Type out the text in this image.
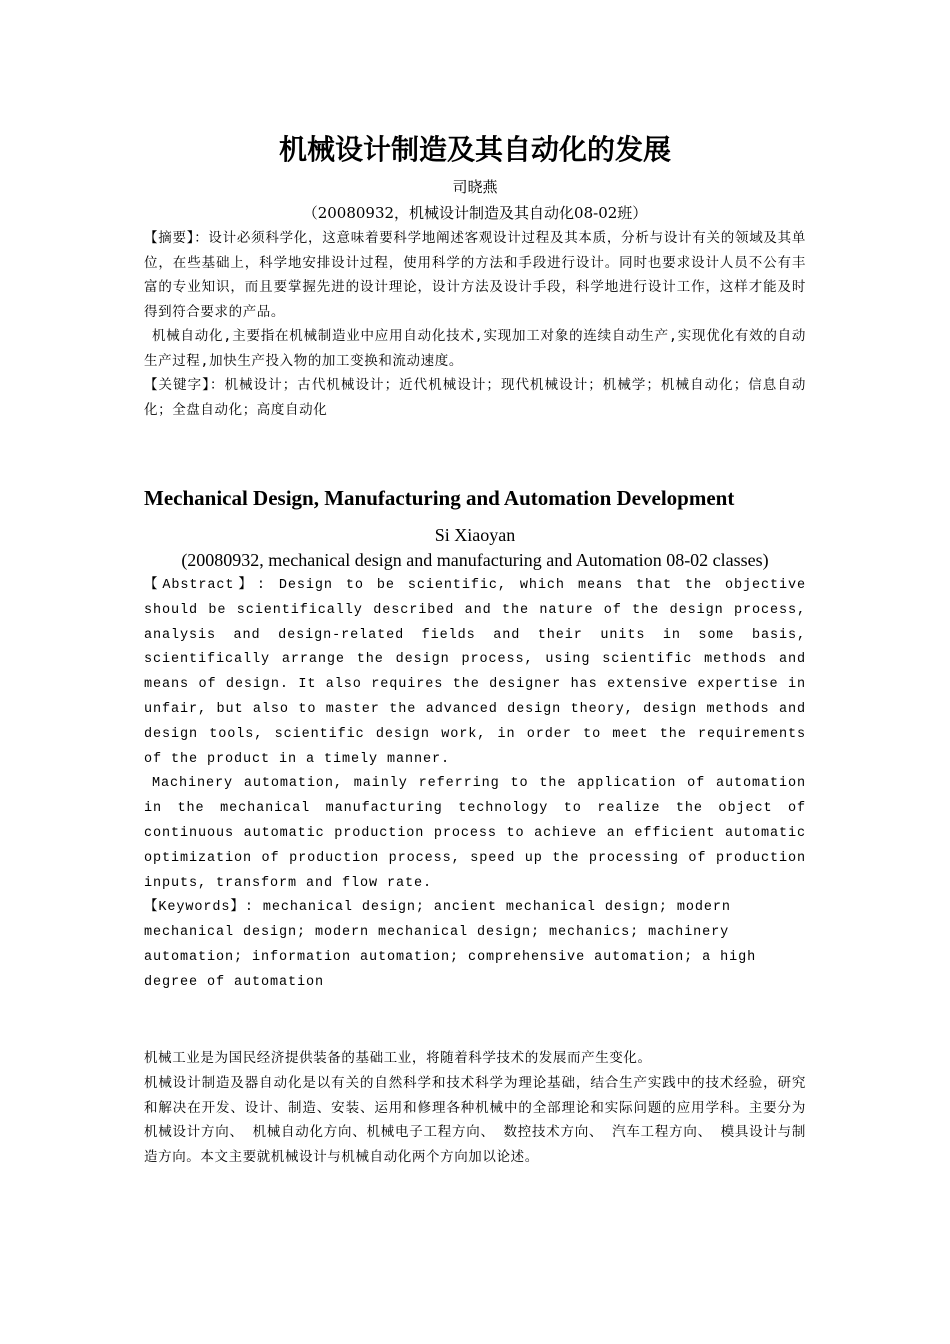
机械设计制造及其自动化的发展
司晓燕
（20080932，机械设计制造及其自动化08-02班）

【摘要】：设计必须科学化，这意味着要科学地阐述客观设计过程及其本质，分析与设计有关的领域及其单位，在些基础上，科学地安排设计过程，使用科学的方法和手段进行设计。同时也要求设计人员不公有丰富的专业知识，而且要掌握先进的设计理论，设计方法及设计手段，科学地进行设计工作，这样才能及时得到符合要求的产品。

机械自动化,主要指在机械制造业中应用自动化技术,实现加工对象的连续自动生产,实现优化有效的自动生产过程,加快生产投入物的加工变换和流动速度。

【关键字】：机械设计；古代机械设计；近代机械设计；现代机械设计；机械学；机械自动化；信息自动化；全盘自动化；高度自动化

Mechanical Design, Manufacturing and Automation Development
Si Xiaoyan
(20080932, mechanical design and manufacturing and Automation 08-02 classes)

【Abstract】: Design to be scientific, which means that the objective should be scientifically described and the nature of the design process, analysis and design-related fields and their units in some basis, scientifically arrange the design process, using scientific methods and means of design. It also requires the designer has extensive expertise in unfair, but also to master the advanced design theory, design methods and design tools, scientific design work, in order to meet the requirements of the product in a timely manner.

Machinery automation, mainly referring to the application of automation in the mechanical manufacturing technology to realize the object of continuous automatic production process to achieve an efficient automatic optimization of production process, speed up the processing of production inputs, transform and flow rate.

【Keywords】: mechanical design; ancient mechanical design; modern mechanical design; modern mechanical design; mechanics; machinery automation; information automation; comprehensive automation; a high degree of automation

机械工业是为国民经济提供装备的基础工业，将随着科学技术的发展而产生变化。

机械设计制造及器自动化是以有关的自然科学和技术科学为理论基础，结合生产实践中的技术经验，研究和解决在开发、设计、制造、安装、运用和修理各种机械中的全部理论和实际问题的应用学科。主要分为机械设计方向、 机械自动化方向、机械电子工程方向、 数控技术方向、 汽车工程方向、 模具设计与制造方向。本文主要就机械设计与机械自动化两个方向加以论述。
